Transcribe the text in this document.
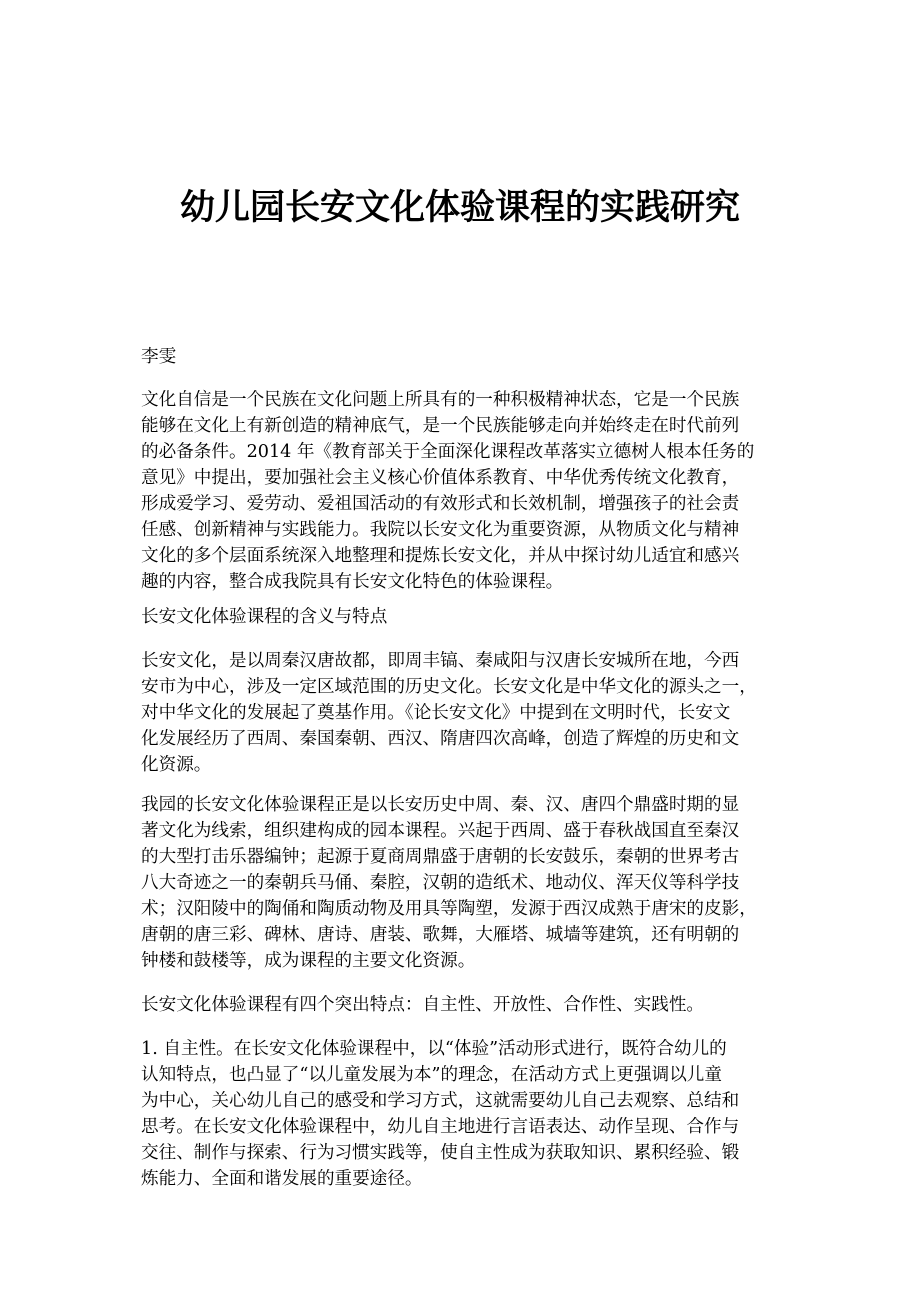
幼儿园长安文化体验课程的实践研究
李雯
文化自信是一个民族在文化问题上所具有的一种积极精神状态，它是一个民族
能够在文化上有新创造的精神底气，是一个民族能够走向并始终走在时代前列
的必备条件。2014 年《教育部关于全面深化课程改革落实立德树人根本任务的
意见》中提出，要加强社会主义核心价值体系教育、中华优秀传统文化教育，
形成爱学习、爱劳动、爱祖国活动的有效形式和长效机制，增强孩子的社会责
任感、创新精神与实践能力。我院以长安文化为重要资源，从物质文化与精神
文化的多个层面系统深入地整理和提炼长安文化，并从中探讨幼儿适宜和感兴
趣的内容，整合成我院具有长安文化特色的体验课程。
长安文化体验课程的含义与特点
长安文化，是以周秦汉唐故都，即周丰镐、秦咸阳与汉唐长安城所在地，今西
安市为中心，涉及一定区域范围的历史文化。长安文化是中华文化的源头之一，
对中华文化的发展起了奠基作用。《论长安文化》中提到在文明时代，长安文
化发展经历了西周、秦国秦朝、西汉、隋唐四次高峰，创造了辉煌的历史和文
化资源。
我园的长安文化体验课程正是以长安历史中周、秦、汉、唐四个鼎盛时期的显
著文化为线索，组织建构成的园本课程。兴起于西周、盛于春秋战国直至秦汉
的大型打击乐器编钟；起源于夏商周鼎盛于唐朝的长安鼓乐，秦朝的世界考古
八大奇迹之一的秦朝兵马俑、秦腔，汉朝的造纸术、地动仪、浑天仪等科学技
术；汉阳陵中的陶俑和陶质动物及用具等陶塑，发源于西汉成熟于唐宋的皮影，
唐朝的唐三彩、碑林、唐诗、唐装、歌舞，大雁塔、城墙等建筑，还有明朝的
钟楼和鼓楼等，成为课程的主要文化资源。
长安文化体验课程有四个突出特点：自主性、开放性、合作性、实践性。
1. 自主性。在长安文化体验课程中，以“体验”活动形式进行，既符合幼儿的
认知特点，也凸显了“以儿童发展为本”的理念，在活动方式上更强调以儿童
为中心，关心幼儿自己的感受和学习方式，这就需要幼儿自己去观察、总结和
思考。在长安文化体验课程中，幼儿自主地进行言语表达、动作呈现、合作与
交往、制作与探索、行为习惯实践等，使自主性成为获取知识、累积经验、锻
炼能力、全面和谐发展的重要途径。
